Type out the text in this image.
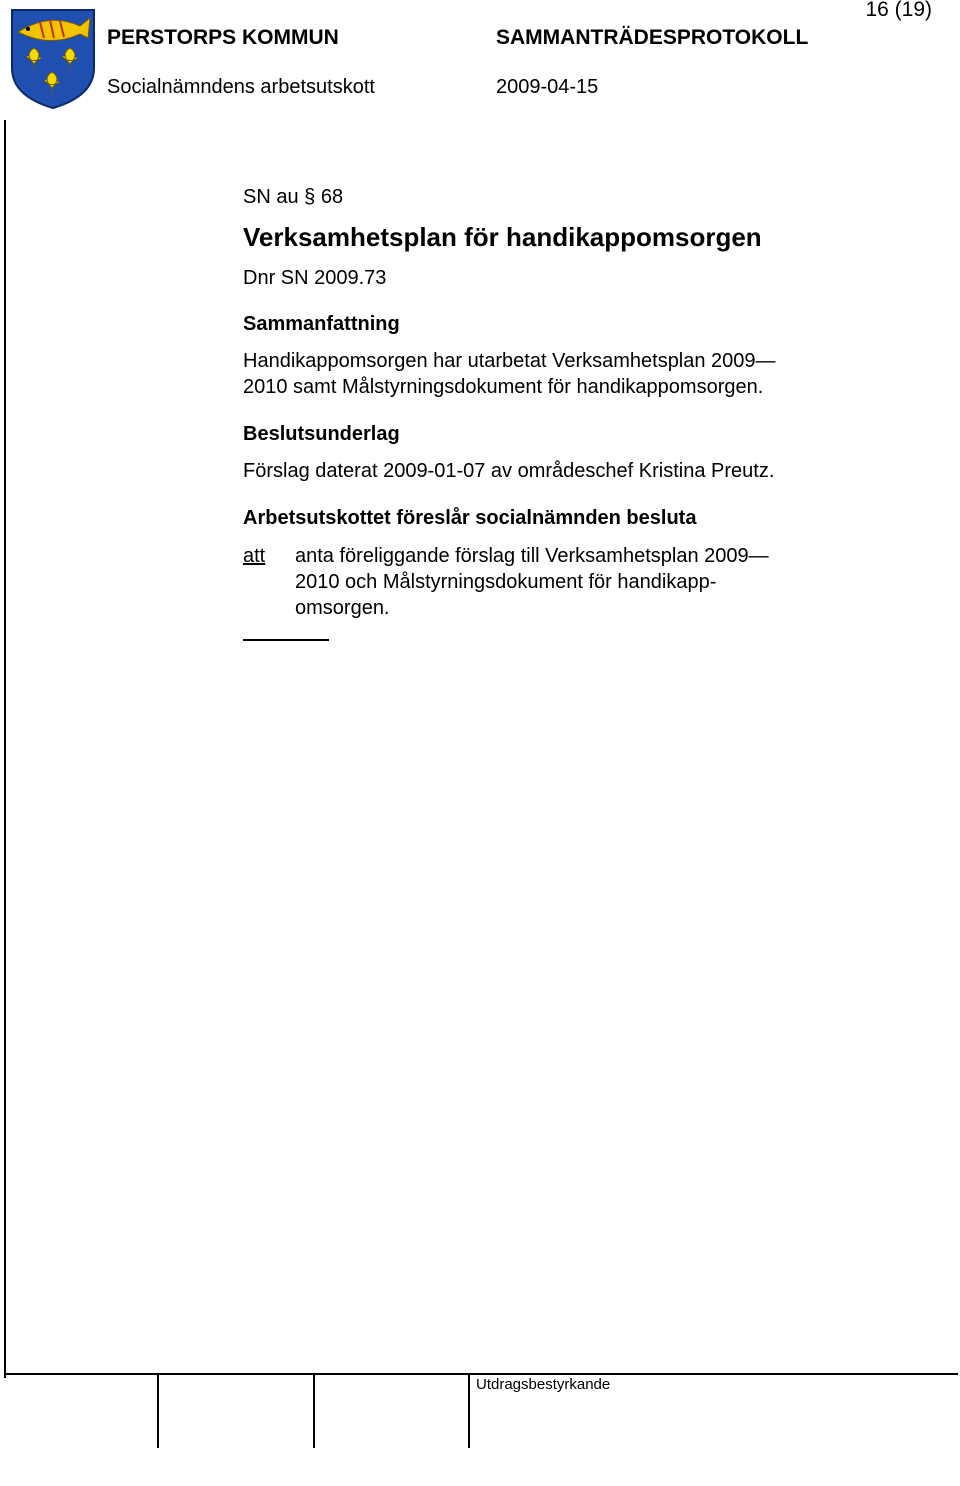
PERSTORPS KOMMUN	SAMMANTRÄDESPROTOKOLL
Socialnämndens arbetsutskott	2009-04-15
16 (19)
SN au § 68
Verksamhetsplan för handikappomsorgen
Dnr SN 2009.73
Sammanfattning
Handikappomsorgen har utarbetat Verksamhetsplan 2009—
2010 samt Målstyrningsdokument för handikappomsorgen.
Beslutsunderlag
Förslag daterat 2009-01-07 av områdeschef Kristina Preutz.
Arbetsutskottet föreslår socialnämnden besluta
att anta föreliggande förslag till Verksamhetsplan 2009—
2010 och Målstyrningsdokument för handikapp-
omsorgen.
Utdragsbestyrkande
